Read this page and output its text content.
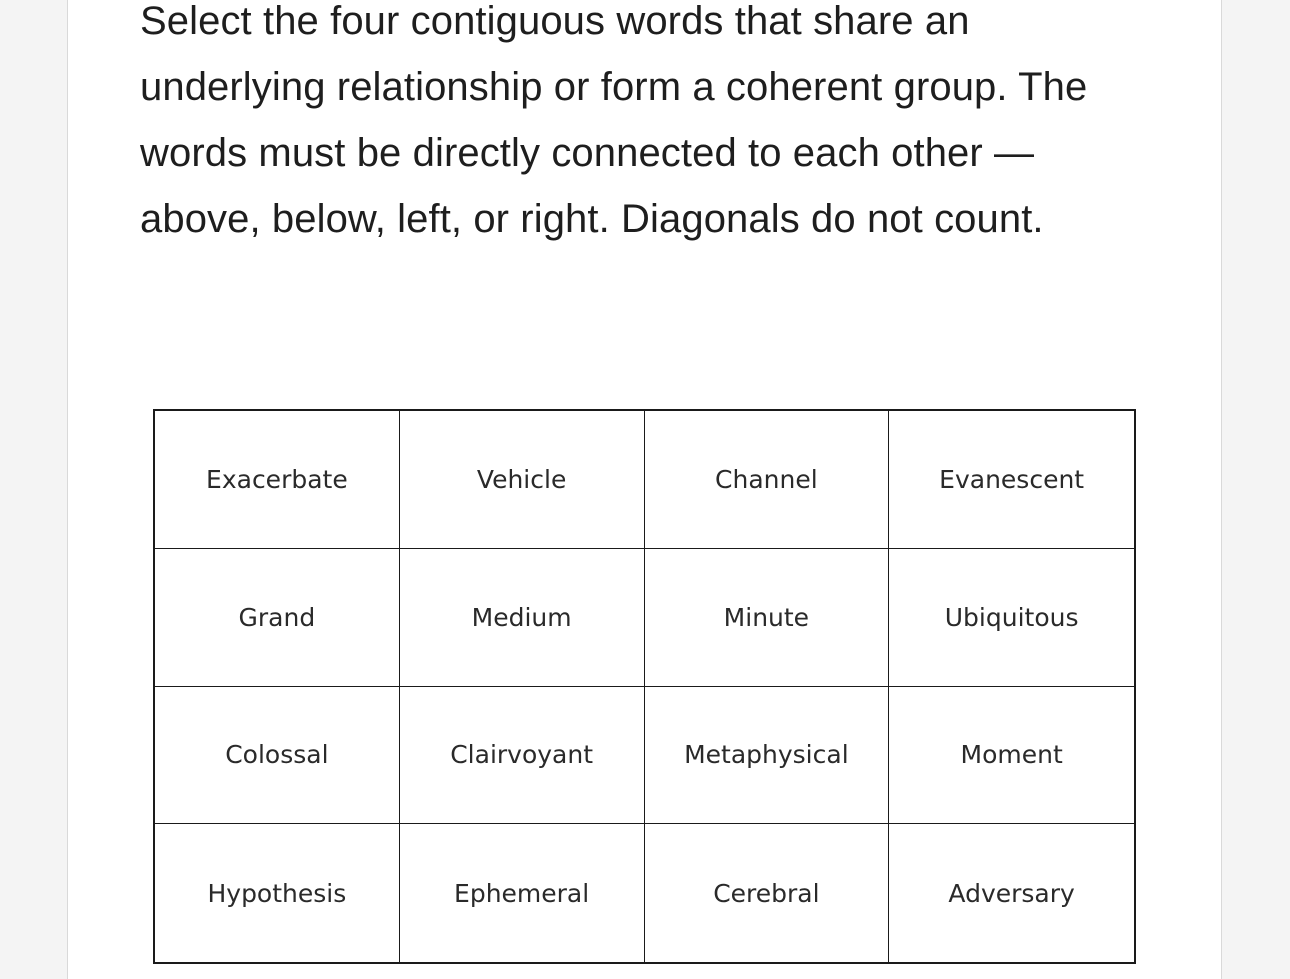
Select the four contiguous words that share an underlying relationship or form a coherent group. The words must be directly connected to each other — above, below, left, or right. Diagonals do not count.

Exacerbate	Vehicle	Channel	Evanescent
Grand	Medium	Minute	Ubiquitous
Colossal	Clairvoyant	Metaphysical	Moment
Hypothesis	Ephemeral	Cerebral	Adversary
